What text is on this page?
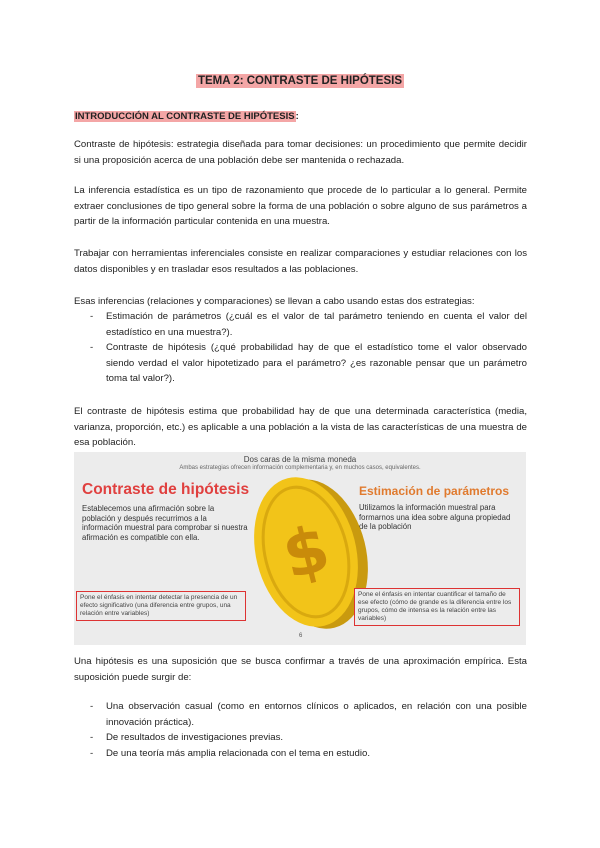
TEMA 2: CONTRASTE DE HIPÓTESIS
INTRODUCCIÓN AL CONTRASTE DE HIPÓTESIS:
Contraste de hipótesis: estrategia diseñada para tomar decisiones: un procedimiento que permite decidir si una proposición acerca de una población debe ser mantenida o rechazada.
La inferencia estadística es un tipo de razonamiento que procede de lo particular a lo general. Permite extraer conclusiones de tipo general sobre la forma de una población o sobre alguno de sus parámetros a partir de la información particular contenida en una muestra.
Trabajar con herramientas inferenciales consiste en realizar comparaciones y estudiar relaciones con los datos disponibles y en trasladar esos resultados a las poblaciones.
Esas inferencias (relaciones y comparaciones) se llevan a cabo usando estas dos estrategias:
- Estimación de parámetros (¿cuál es el valor de tal parámetro teniendo en cuenta el valor del estadístico en una muestra?).
- Contraste de hipótesis (¿qué probabilidad hay de que el estadístico tome el valor observado siendo verdad el valor hipotetizado para el parámetro? ¿es razonable pensar que un parámetro toma tal valor?).
El contraste de hipótesis estima que probabilidad hay de que una determinada característica (media, varianza, proporción, etc.) es aplicable a una población a la vista de las características de una muestra de esa población.
Dos caras de la misma moneda
Ambas estrategias ofrecen información complementaria y, en muchos casos, equivalentes.
Contraste de hipótesis
Establecemos una afirmación sobre la población y después recurrimos a la información muestral para comprobar si nuestra afirmación es compatible con ella.
Estimación de parámetros
Utilizamos la información muestral para formarnos una idea sobre alguna propiedad de la población
$
Pone el énfasis en intentar detectar la presencia de un efecto significativo (una diferencia entre grupos, una relación entre variables)
Pone el énfasis en intentar cuantificar el tamaño de ese efecto (cómo de grande es la diferencia entre los grupos, cómo de intensa es la relación entre las variables)
6
Una hipótesis es una suposición que se busca confirmar a través de una aproximación empírica. Esta suposición puede surgir de:
- Una observación casual (como en entornos clínicos o aplicados, en relación con una posible innovación práctica).
- De resultados de investigaciones previas.
- De una teoría más amplia relacionada con el tema en estudio.
